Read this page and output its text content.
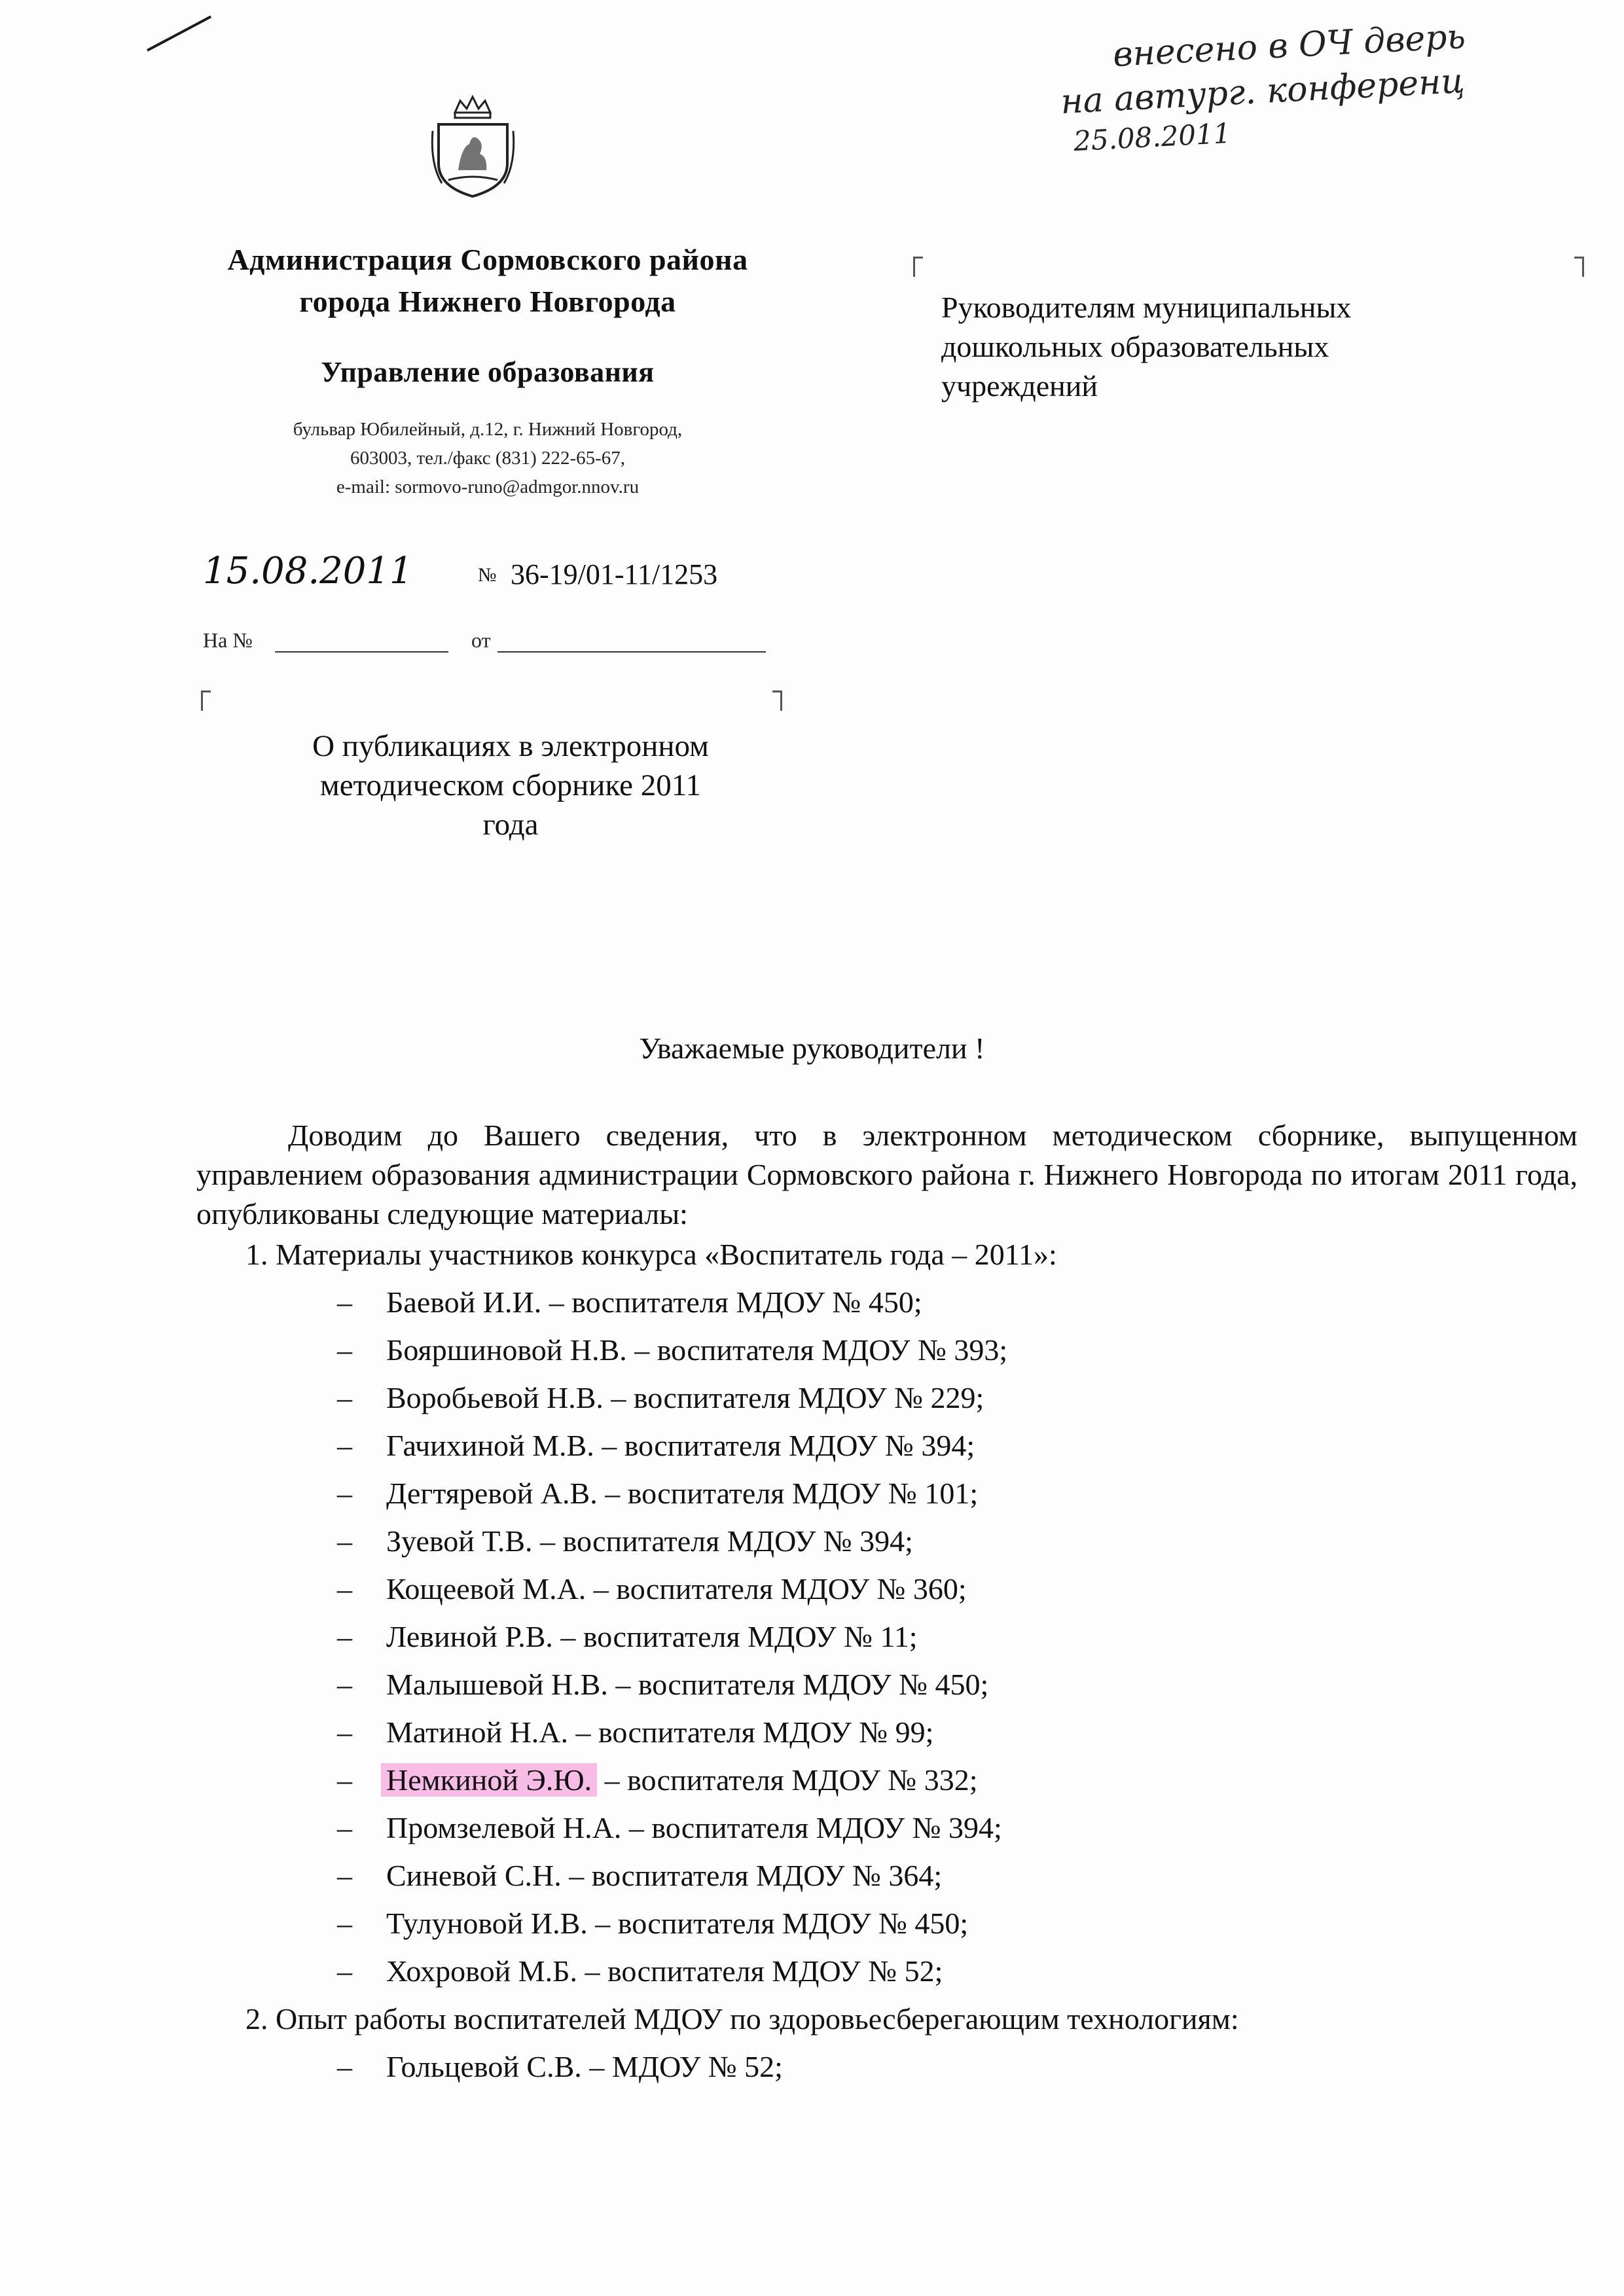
внесено в ОЧ дверь
на автург. конференц
25.08.2011
Администрация Сормовского района
города Нижнего Новгорода
Управление образования
бульвар Юбилейный, д.12, г. Нижний Новгород,
603003, тел./факс (831) 222-65-67,
e-mail: sormovo-runo@admgor.nnov.ru
15.08.2011	№ 36-19/01-11/1253
На №	от
Руководителям муниципальных
дошкольных образовательных
учреждений
О публикациях в электронном
методическом сборнике 2011
года
Уважаемые руководители !
Доводим до Вашего сведения, что в электронном методическом сборнике, выпущенном управлением образования администрации Сормовского района г. Нижнего Новгорода по итогам 2011 года, опубликованы следующие материалы:
1. Материалы участников конкурса «Воспитатель года – 2011»:
– Баевой И.И. – воспитателя МДОУ № 450;
– Бояршиновой Н.В. – воспитателя МДОУ № 393;
– Воробьевой Н.В. – воспитателя МДОУ № 229;
– Гачихиной М.В. – воспитателя МДОУ № 394;
– Дегтяревой А.В. – воспитателя МДОУ № 101;
– Зуевой Т.В. – воспитателя МДОУ № 394;
– Кощеевой М.А. – воспитателя МДОУ № 360;
– Левиной Р.В. – воспитателя МДОУ № 11;
– Малышевой Н.В. – воспитателя МДОУ № 450;
– Матиной Н.А. – воспитателя МДОУ № 99;
– Немкиной Э.Ю. – воспитателя МДОУ № 332;
– Промзелевой Н.А. – воспитателя МДОУ № 394;
– Синевой С.Н. – воспитателя МДОУ № 364;
– Тулуновой И.В. – воспитателя МДОУ № 450;
– Хохровой М.Б. – воспитателя МДОУ № 52;
2. Опыт работы воспитателей МДОУ по здоровьесберегающим технологиям:
– Гольцевой С.В. – МДОУ № 52;
